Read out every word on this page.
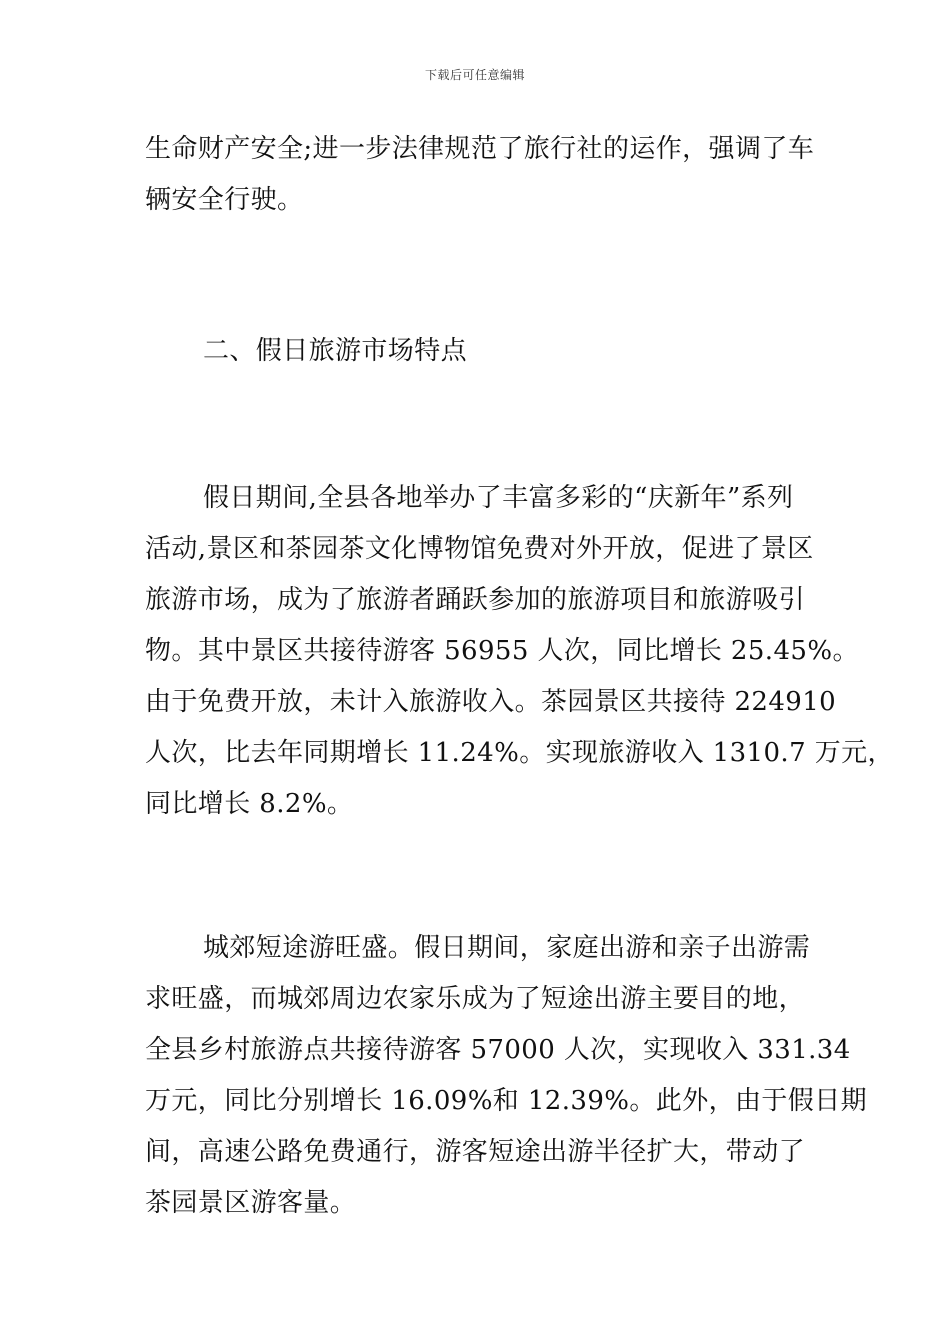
下载后可任意编辑
生命财产安全;进一步法律规范了旅行社的运作，强调了车
辆安全行驶。
二、假日旅游市场特点
假日期间,全县各地举办了丰富多彩的“庆新年”系列
活动,景区和茶园茶文化博物馆免费对外开放，促进了景区
旅游市场，成为了旅游者踊跃参加的旅游项目和旅游吸引
物。其中景区共接待游客 56955 人次，同比增长 25.45%。
由于免费开放，未计入旅游收入。茶园景区共接待 224910
人次，比去年同期增长 11.24%。实现旅游收入 1310.7 万元，
同比增长 8.2%。
城郊短途游旺盛。假日期间，家庭出游和亲子出游需
求旺盛，而城郊周边农家乐成为了短途出游主要目的地，
全县乡村旅游点共接待游客 57000 人次，实现收入 331.34
万元，同比分别增长 16.09%和 12.39%。此外，由于假日期
间，高速公路免费通行，游客短途出游半径扩大，带动了
茶园景区游客量。
